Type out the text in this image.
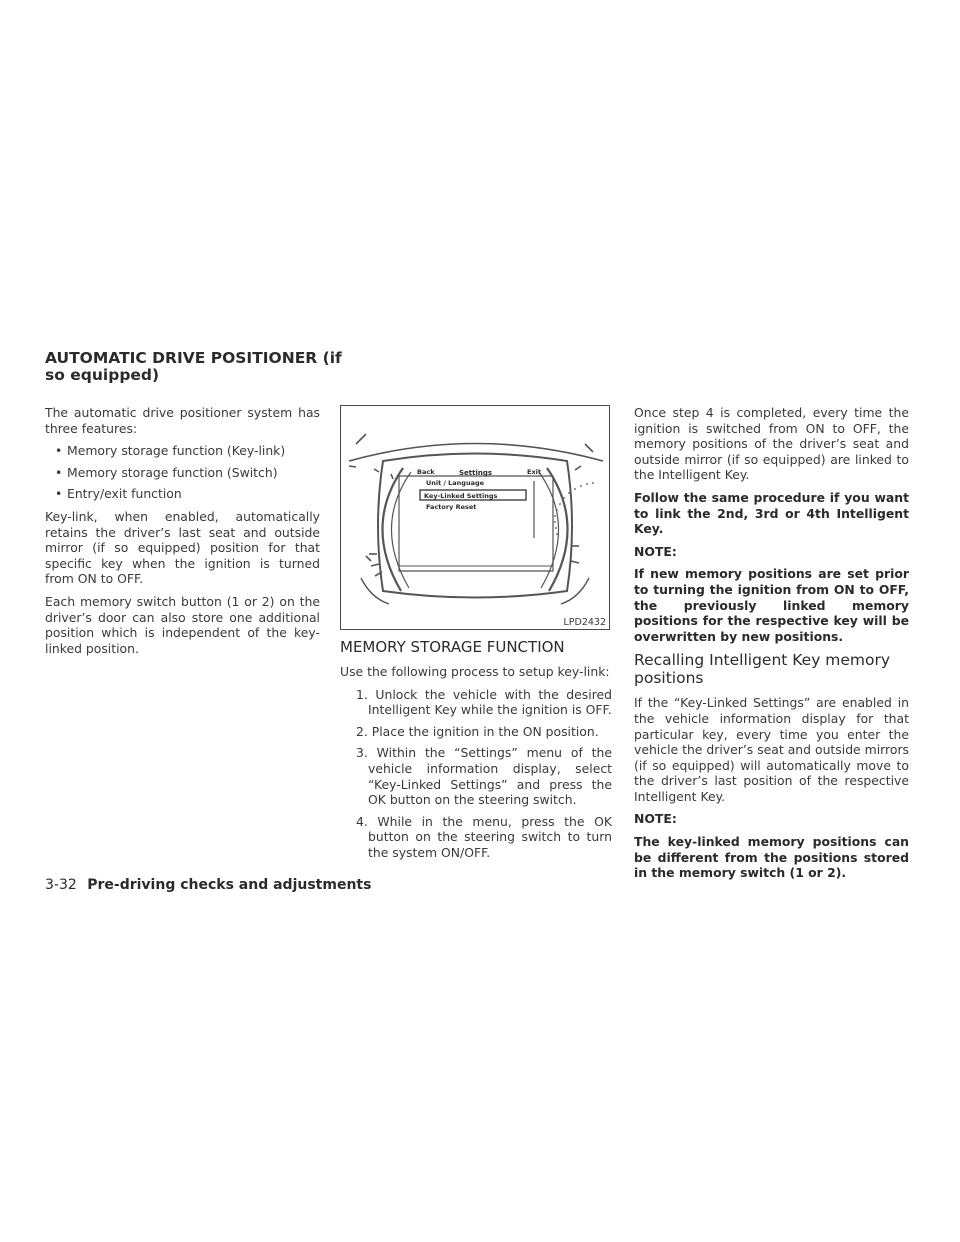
AUTOMATIC DRIVE POSITIONER (if so equipped)

The automatic drive positioner system has three features:

• Memory storage function (Key-link)
• Memory storage function (Switch)
• Entry/exit function

Key-link, when enabled, automatically retains the driver’s last seat and outside mirror (if so equipped) position for that specific key when the ignition is turned from ON to OFF.

Each memory switch button (1 or 2) on the driver’s door can also store one additional position which is independent of the key-linked position.

Back	Settings	Exit
Unit / Language
Key-Linked Settings
Factory Reset
LPD2432
MEMORY STORAGE FUNCTION

Use the following process to setup key-link:

1. Unlock the vehicle with the desired Intelligent Key while the ignition is OFF.
2. Place the ignition in the ON position.
3. Within the “Settings” menu of the vehicle information display, select “Key-Linked Settings” and press the OK button on the steering switch.
4. While in the menu, press the OK button on the steering switch to turn the system ON/OFF.

Once step 4 is completed, every time the ignition is switched from ON to OFF, the memory positions of the driver’s seat and outside mirror (if so equipped) are linked to the Intelligent Key.

Follow the same procedure if you want to link the 2nd, 3rd or 4th Intelligent Key.

NOTE:

If new memory positions are set prior to turning the ignition from ON to OFF, the previously linked memory positions for the respective key will be overwritten by new positions.

Recalling Intelligent Key memory positions

If the “Key-Linked Settings” are enabled in the vehicle information display for that particular key, every time you enter the vehicle the driver’s seat and outside mirrors (if so equipped) will automatically move to the driver’s last position of the respective Intelligent Key.

NOTE:

The key-linked memory positions can be different from the positions stored in the memory switch (1 or 2).

3-32 Pre-driving checks and adjustments
